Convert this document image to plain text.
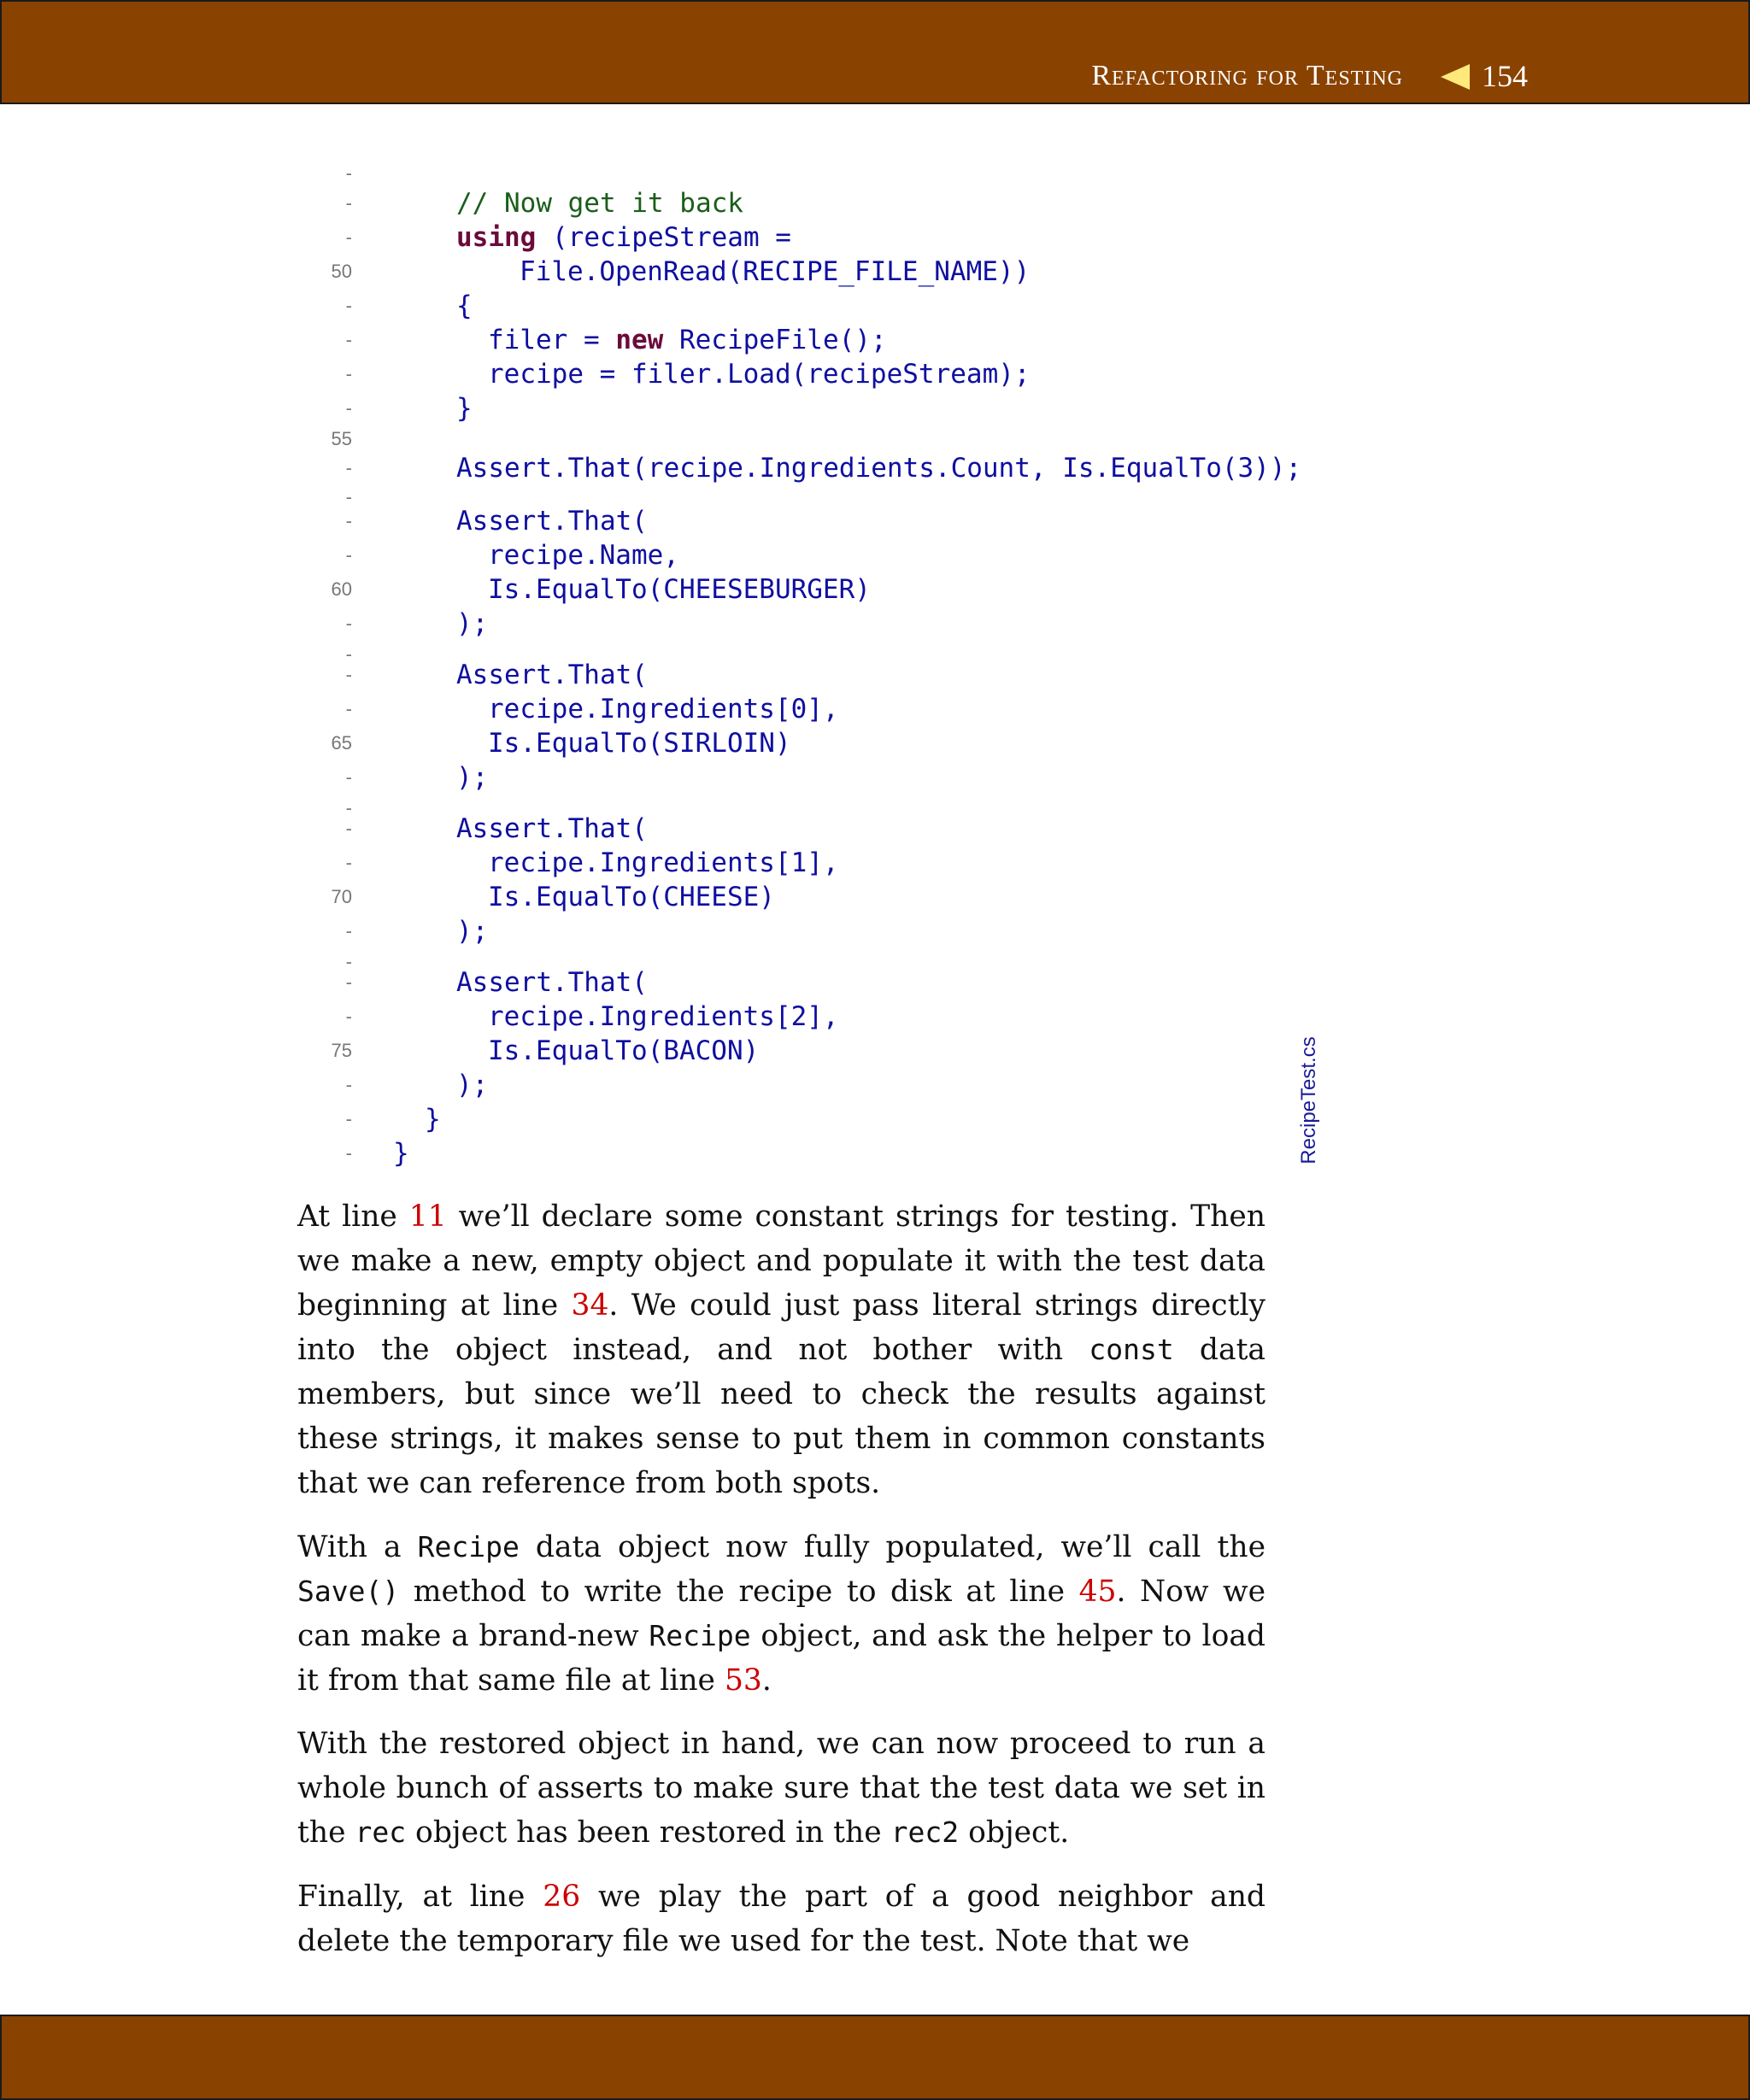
Refactoring for Testing	154
-
-	// Now get it back
-	using (recipeStream =
50	File.OpenRead(RECIPE_FILE_NAME))
-	{
-	filer = new RecipeFile();
-	recipe = filer.Load(recipeStream);
-	}
55
-	Assert.That(recipe.Ingredients.Count, Is.EqualTo(3));
-
-	Assert.That(
-	recipe.Name,
60	Is.EqualTo(CHEESEBURGER)
-	);
-
-	Assert.That(
-	recipe.Ingredients[0],
65	Is.EqualTo(SIRLOIN)
-	);
-
-	Assert.That(
-	recipe.Ingredients[1],
70	Is.EqualTo(CHEESE)
-	);
-
-	Assert.That(
-	recipe.Ingredients[2],
75	Is.EqualTo(BACON)
-	);
-	}
- }	RecipeTest.cs
At line 11 we’ll declare some constant strings for testing. Then we make a new, empty object and populate it with the test data beginning at line 34. We could just pass literal strings directly into the object instead, and not bother with const data members, but since we’ll need to check the results against these strings, it makes sense to put them in common constants that we can reference from both spots.
With a Recipe data object now fully populated, we’ll call the Save() method to write the recipe to disk at line 45. Now we can make a brand-new Recipe object, and ask the helper to load it from that same file at line 53.
With the restored object in hand, we can now proceed to run a whole bunch of asserts to make sure that the test data we set in the rec object has been restored in the rec2 object.
Finally, at line 26 we play the part of a good neighbor and delete the temporary file we used for the test. Note that we
